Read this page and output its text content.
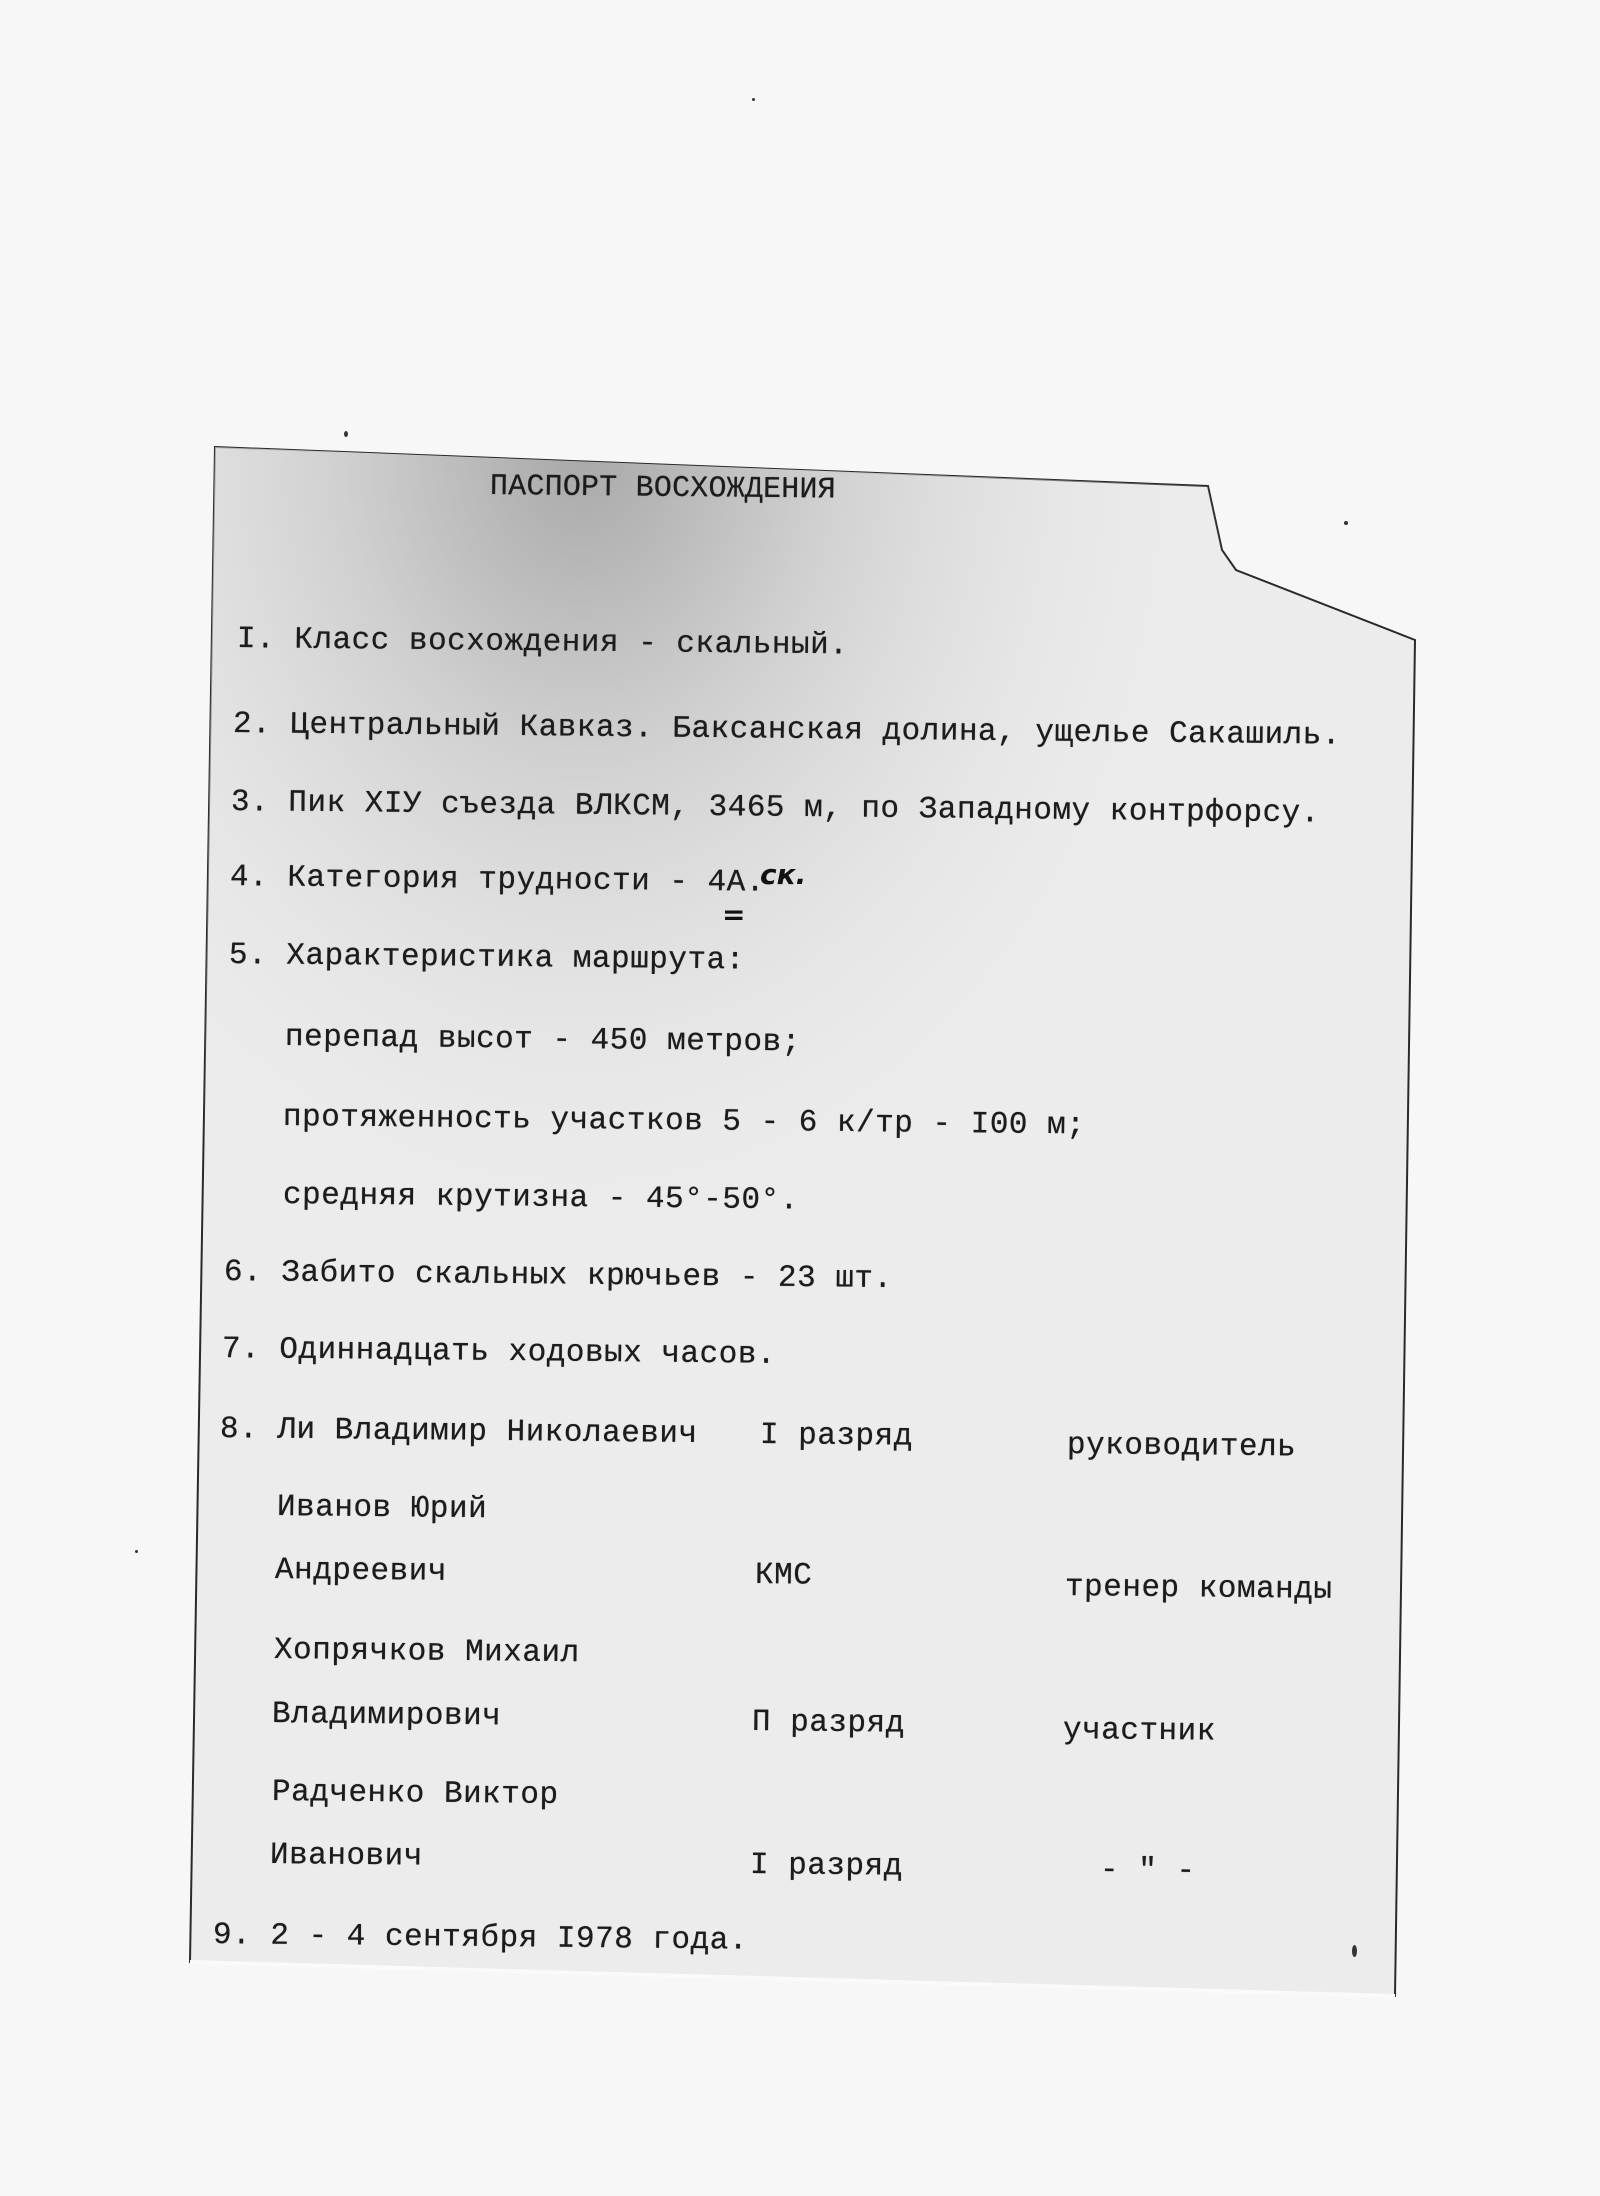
ПАСПОРТ ВОСХОЖДЕНИЯ
I. Класс восхождения - скальный.
2. Центральный Кавказ. Баксанская долина, ущелье Сакашиль.
3. Пик XIУ съезда ВЛКСМ, 3465 м, по Западному контрфорсу.
4. Категория трудности - 4А.
ск.
=
5. Характеристика маршрута:
перепад высот - 450 метров;
протяженность участков 5 - 6 к/тр - I00 м;
средняя крутизна - 45°-50°.
6. Забито скальных крючьев - 23 шт.
7. Одиннадцать ходовых часов.
8. Ли Владимир Николаевич I разряд	руководитель
Иванов Юрий
Андреевич	КМС	тренер команды
Хопрячков Михаил
Владимирович	П разряд	участник
Радченко Виктор
Иванович	I разряд	- " -
9. 2 - 4 сентября I978 года.
